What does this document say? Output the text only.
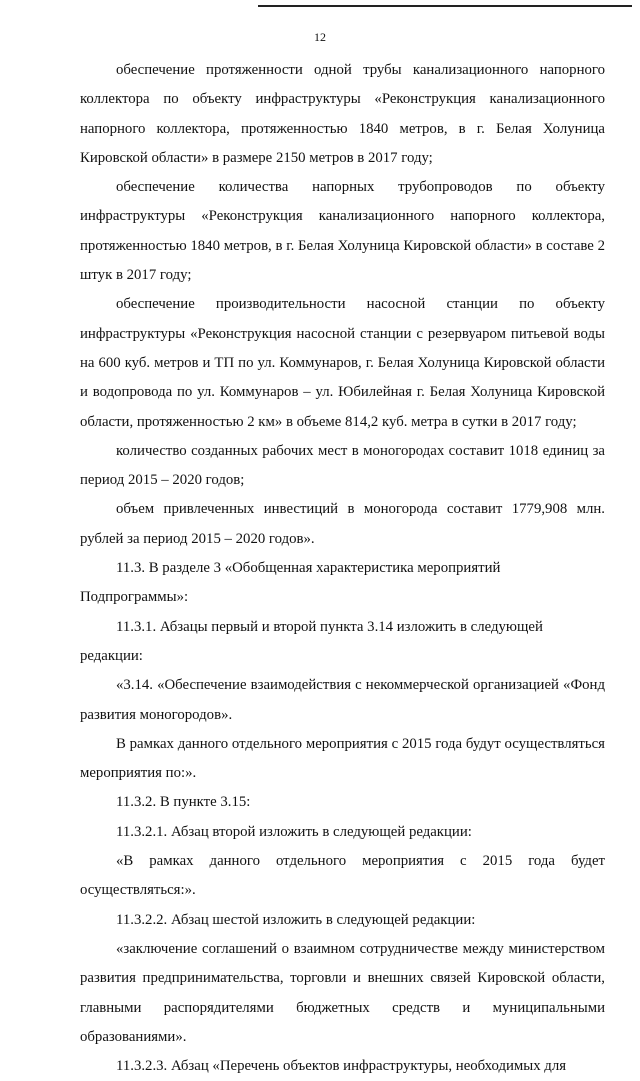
12

обеспечение протяженности одной трубы канализационного напорного коллектора по объекту инфраструктуры «Реконструкция канализационного напорного коллектора, протяженностью 1840 метров, в г. Белая Холуница Кировской области» в размере 2150 метров в 2017 году;

обеспечение количества напорных трубопроводов по объекту инфраструктуры «Реконструкция канализационного напорного коллектора, протяженностью 1840 метров, в г. Белая Холуница Кировской области» в составе 2 штук в 2017 году;

обеспечение производительности насосной станции по объекту инфраструктуры «Реконструкция насосной станции с резервуаром питьевой воды на 600 куб. метров и ТП по ул. Коммунаров, г. Белая Холуница Кировской области и водопровода по ул. Коммунаров – ул. Юбилейная г. Белая Холуница Кировской области, протяженностью 2 км» в объеме 814,2 куб. метра в сутки в 2017 году;

количество созданных рабочих мест в моногородах составит 1018 единиц за период 2015 – 2020 годов;

объем привлеченных инвестиций в моногорода составит 1779,908 млн. рублей за период 2015 – 2020 годов».

11.3. В разделе 3 «Обобщенная характеристика мероприятий Подпрограммы»:

11.3.1. Абзацы первый и второй пункта 3.14 изложить в следующей редакции:

«3.14. «Обеспечение взаимодействия с некоммерческой организацией «Фонд развития моногородов».

В рамках данного отдельного мероприятия с 2015 года будут осуществляться мероприятия по:».

11.3.2. В пункте 3.15:

11.3.2.1. Абзац второй изложить в следующей редакции:

«В рамках данного отдельного мероприятия с 2015 года будет осуществляться:».

11.3.2.2. Абзац шестой изложить в следующей редакции:

«заключение соглашений о взаимном сотрудничестве между министерством развития предпринимательства, торговли и внешних связей Кировской области, главными распорядителями бюджетных средств и муниципальными образованиями».

11.3.2.3. Абзац «Перечень объектов инфраструктуры, необходимых для
